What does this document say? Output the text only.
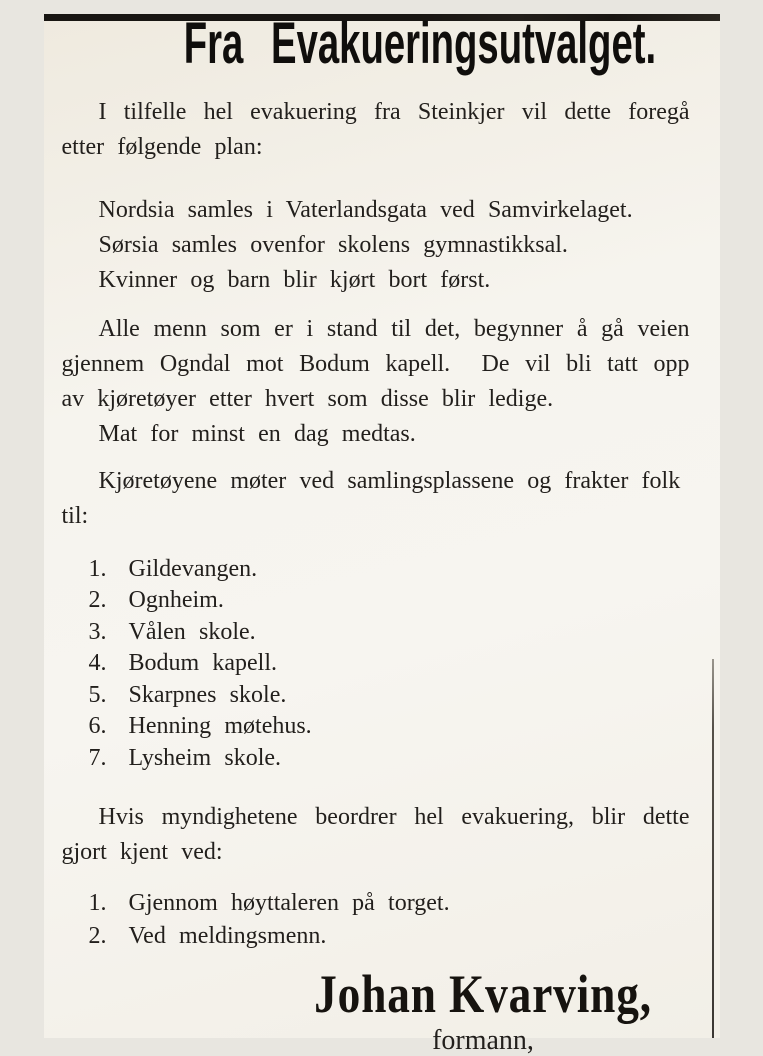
Fra Evakueringsutvalget.

I tilfelle hel evakuering fra Steinkjer vil dette foregå etter følgende plan:

Nordsia samles i Vaterlandsgata ved Samvirkelaget.

Sørsia samles ovenfor skolens gymnastikksal.

Kvinner og barn blir kjørt bort først.

Alle menn som er i stand til det, begynner å gå veien gjennem Ogndal mot Bodum kapell.  De vil bli tatt opp av kjøretøyer etter hvert som disse blir ledige.

Mat for minst en dag medtas.

Kjøretøyene møter ved samlingsplassene og frakter folk til:

1. Gildevangen.
2. Ognheim.
3. Vålen skole.
4. Bodum kapell.
5. Skarpnes skole.
6. Henning møtehus.
7. Lysheim skole.

Hvis myndighetene beordrer hel evakuering, blir dette gjort kjent ved:

1. Gjennom høyttaleren på torget.
2. Ved meldingsmenn.
Johan Kvarving,
formann,
